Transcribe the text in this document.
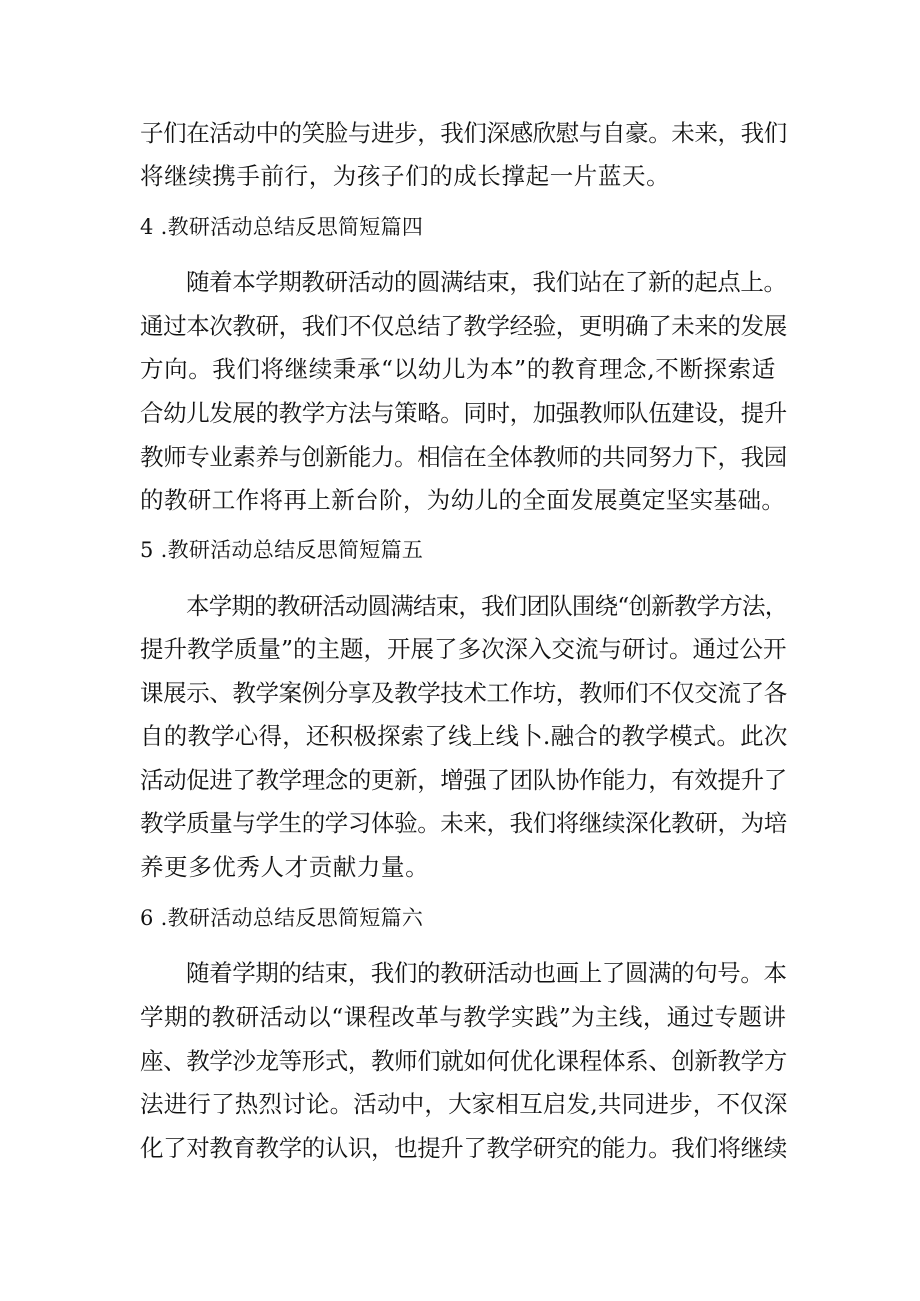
子们在活动中的笑脸与进步，我们深感欣慰与自豪。未来，我们
将继续携手前行，为孩子们的成长撑起一片蓝天。
4 .教研活动总结反思简短篇四
随着本学期教研活动的圆满结束，我们站在了新的起点上。
通过本次教研，我们不仅总结了教学经验，更明确了未来的发展
方向。我们将继续秉承“以幼儿为本”的教育理念,不断探索适
合幼儿发展的教学方法与策略。同时，加强教师队伍建设，提升
教师专业素养与创新能力。相信在全体教师的共同努力下，我园
的教研工作将再上新台阶，为幼儿的全面发展奠定坚实基础。
5 .教研活动总结反思简短篇五
本学期的教研活动圆满结束，我们团队围绕“创新教学方法，
提升教学质量”的主题，开展了多次深入交流与研讨。通过公开
课展示、教学案例分享及教学技术工作坊，教师们不仅交流了各
自的教学心得，还积极探索了线上线卜.融合的教学模式。此次
活动促进了教学理念的更新，增强了团队协作能力，有效提升了
教学质量与学生的学习体验。未来，我们将继续深化教研，为培
养更多优秀人才贡献力量。
6 .教研活动总结反思简短篇六
随着学期的结束，我们的教研活动也画上了圆满的句号。本
学期的教研活动以“课程改革与教学实践”为主线，通过专题讲
座、教学沙龙等形式，教师们就如何优化课程体系、创新教学方
法进行了热烈讨论。活动中，大家相互启发,共同进步，不仅深
化了对教育教学的认识，也提升了教学研究的能力。我们将继续
